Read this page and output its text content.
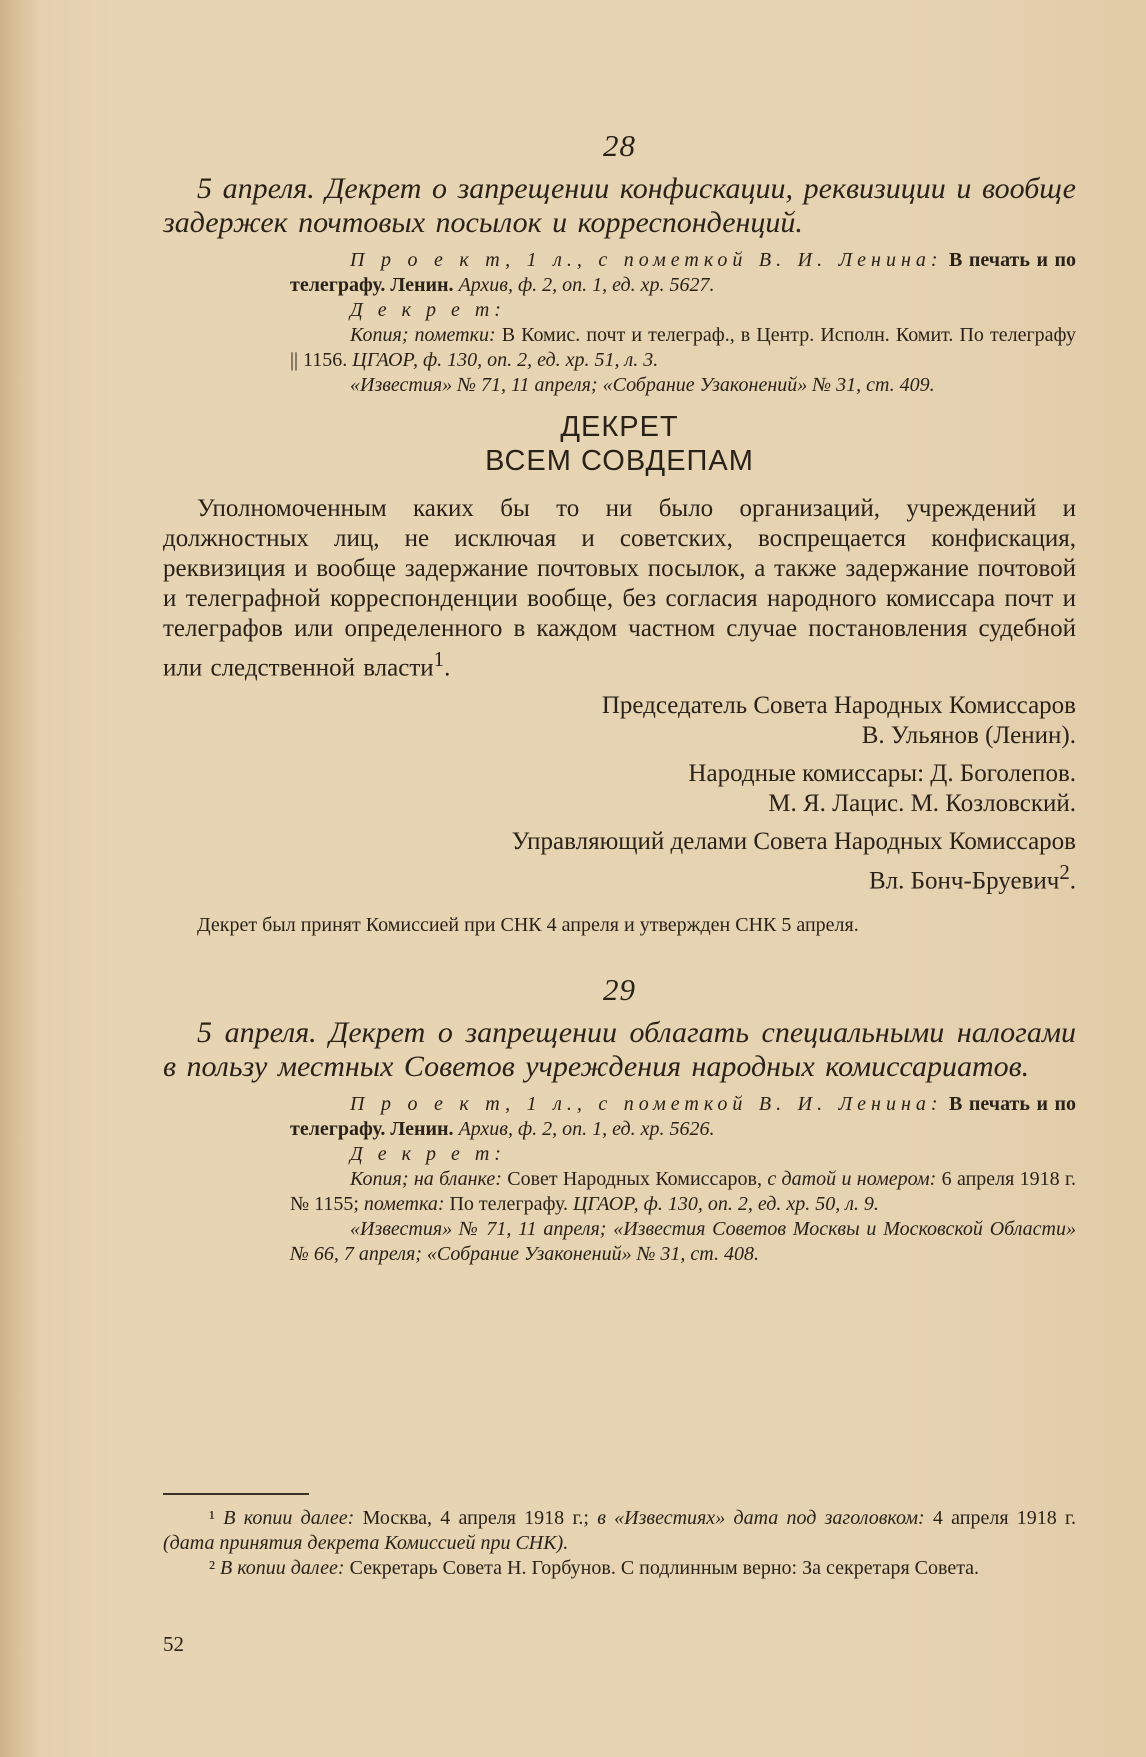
28

5 апреля. Декрет о запрещении конфискации, реквизиции и вообще задержек почтовых посылок и корреспонденций.

П р о е к т, 1 л., с пометкой В. И. Ленина: В печать и по телеграфу. Ленин. Архив, ф. 2, оп. 1, ед. хр. 5627.

Д е к р е т:

Копия; пометки: В Комис. почт и телеграф., в Центр. Исполн. Комит. По телеграфу || 1156. ЦГАОР, ф. 130, оп. 2, ед. хр. 51, л. 3.

«Известия» № 71, 11 апреля; «Собрание Узаконений» № 31, ст. 409.

ДЕКРЕТ
ВСЕМ СОВДЕПАМ

Уполномоченным каких бы то ни было организаций, учреждений и должностных лиц, не исключая и советских, воспрещается конфискация, реквизиция и вообще задержание почтовых посылок, а также задержание почтовой и телеграфной корреспонденции вообще, без согласия народного комиссара почт и телеграфов или определенного в каждом частном случае постановления судебной или следственной власти$^1$.

Председатель Совета Народных Комиссаров
В. Ульянов (Ленин).
Народные комиссары: Д. Боголепов.
М. Я. Лацис. М. Козловский.
Управляющий делами Совета Народных Комиссаров
Вл. Бонч-Бруевич$^2$.

Декрет был принят Комиссией при СНК 4 апреля и утвержден СНК 5 апреля.

29

5 апреля. Декрет о запрещении облагать специальными налогами в пользу местных Советов учреждения народных комиссариатов.

П р о е к т, 1 л., с пометкой В. И. Ленина: В печать и по телеграфу. Ленин. Архив, ф. 2, оп. 1, ед. хр. 5626.

Д е к р е т:

Копия; на бланке: Совет Народных Комиссаров, с датой и номером: 6 апреля 1918 г. № 1155; пометка: По телеграфу. ЦГАОР, ф. 130, оп. 2, ед. хр. 50, л. 9.

«Известия» № 71, 11 апреля; «Известия Советов Москвы и Московской Области» № 66, 7 апреля; «Собрание Узаконений» № 31, ст. 408.

¹ В копии далее: Москва, 4 апреля 1918 г.; в «Известиях» дата под заголовком: 4 апреля 1918 г. (дата принятия декрета Комиссией при СНК).

² В копии далее: Секретарь Совета Н. Горбунов. С подлинным верно: За секретаря Совета.

52
